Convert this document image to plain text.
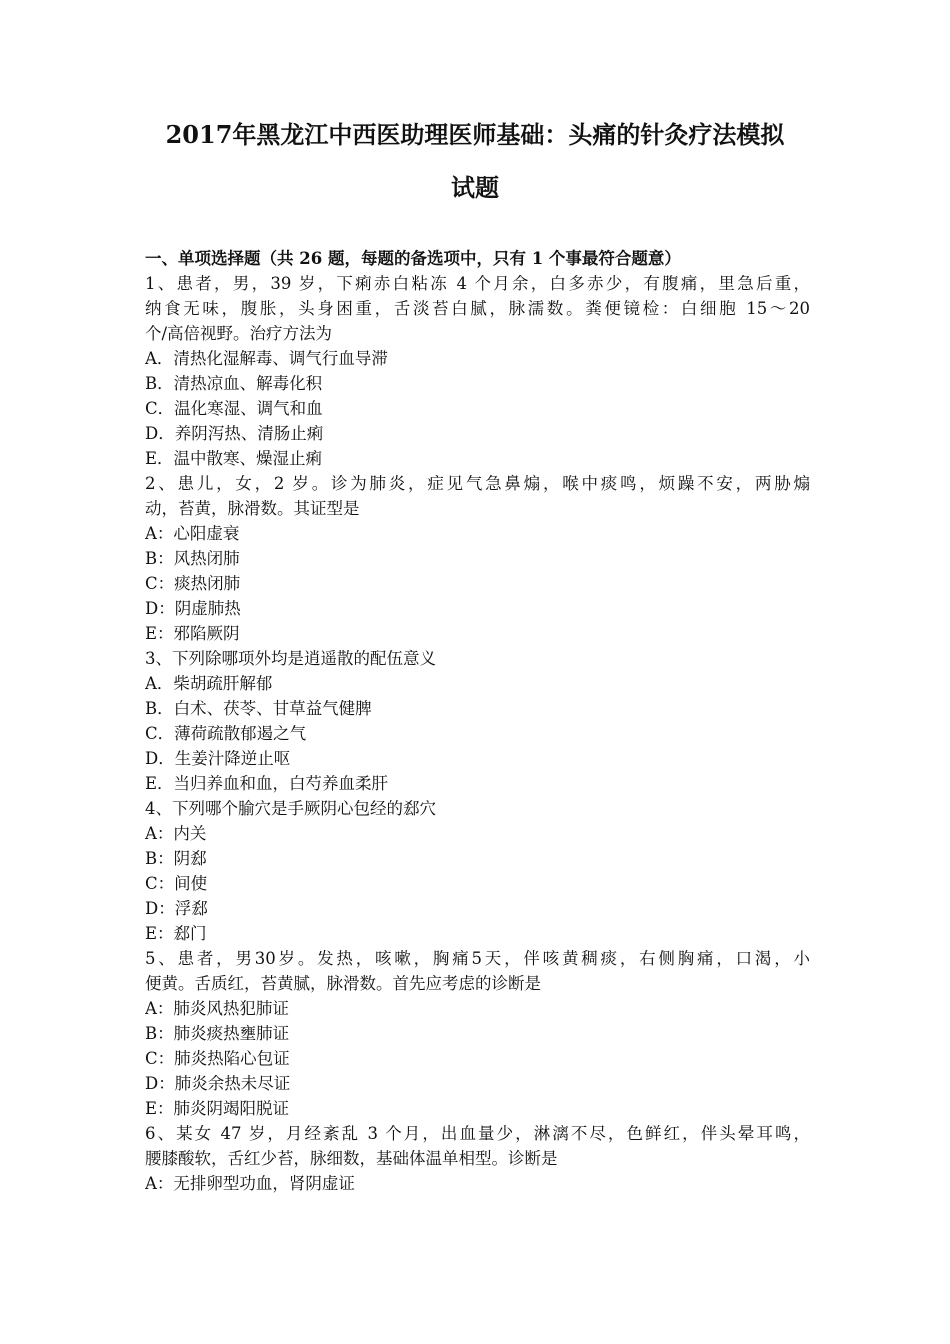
2017年黑龙江中西医助理医师基础：头痛的针灸疗法模拟
试题
一、单项选择题（共 26 题，每题的备选项中，只有 1 个事最符合题意）
1、患者，男，39 岁，下痢赤白粘冻 4 个月余，白多赤少，有腹痛，里急后重，
纳食无味，腹胀，头身困重，舌淡苔白腻，脉濡数。粪便镜检：白细胞 15～20
个/高倍视野。治疗方法为
A．清热化湿解毒、调气行血导滞
B．清热凉血、解毒化积
C．温化寒湿、调气和血
D．养阴泻热、清肠止痢
E．温中散寒、燥湿止痢
2、患儿，女，2 岁。诊为肺炎，症见气急鼻煽，喉中痰鸣，烦躁不安，两胁煽
动，苔黄，脉滑数。其证型是
A：心阳虚衰
B：风热闭肺
C：痰热闭肺
D：阴虚肺热
E：邪陷厥阴
3、下列除哪项外均是逍遥散的配伍意义
A．柴胡疏肝解郁
B．白术、茯苓、甘草益气健脾
C．薄荷疏散郁遏之气
D．生姜汁降逆止呕
E．当归养血和血，白芍养血柔肝
4、下列哪个腧穴是手厥阴心包经的郄穴
A：内关
B：阴郄
C：间使
D：浮郄
E：郄门
5、患者，男30岁。发热，咳嗽，胸痛5天，伴咳黄稠痰，右侧胸痛，口渴，小
便黄。舌质红，苔黄腻，脉滑数。首先应考虑的诊断是
A：肺炎风热犯肺证
B：肺炎痰热壅肺证
C：肺炎热陷心包证
D：肺炎余热未尽证
E：肺炎阴竭阳脱证
6、某女 47 岁，月经紊乱 3 个月，出血量少，淋漓不尽，色鲜红，伴头晕耳鸣，
腰膝酸软，舌红少苔，脉细数，基础体温单相型。诊断是
A：无排卵型功血，肾阴虚证
